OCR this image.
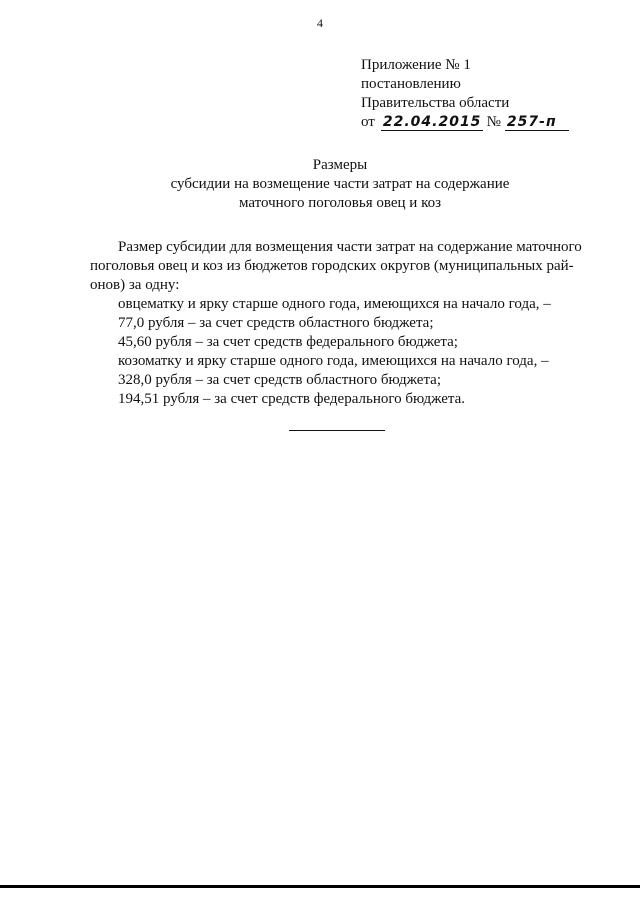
4
Приложение № 1
постановлению
Правительства области
от 22.04.2015 № 257-п
Размеры
субсидии на возмещение части затрат на содержание
маточного поголовья овец и коз
Размер субсидии для возмещения части затрат на содержание маточного
поголовья овец и коз из бюджетов городских округов (муниципальных рай-
онов) за одну:
овцематку и ярку старше одного года, имеющихся на начало года, –
77,0 рубля – за счет средств областного бюджета;
45,60 рубля – за счет средств федерального бюджета;
козоматку и ярку старше одного года, имеющихся на начало года, –
328,0 рубля – за счет средств областного бюджета;
194,51 рубля – за счет средств федерального бюджета.
